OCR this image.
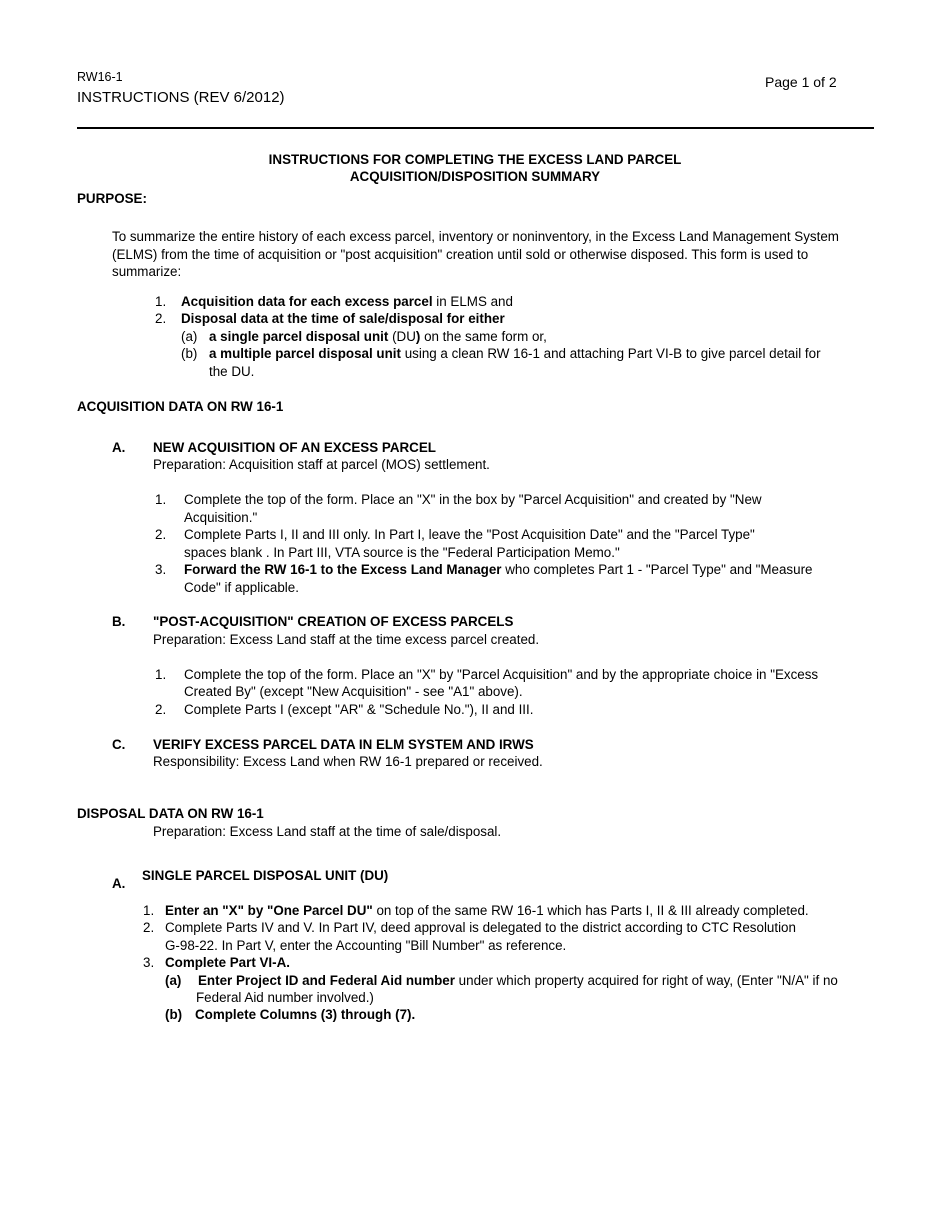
RW16-1
INSTRUCTIONS (REV 6/2012)
Page 1 of 2
INSTRUCTIONS FOR COMPLETING THE EXCESS LAND PARCEL
ACQUISITION/DISPOSITION SUMMARY
PURPOSE:
To summarize the entire history of each excess parcel, inventory or noninventory, in the Excess Land Management System
(ELMS) from the time of acquisition or "post acquisition" creation until sold or otherwise disposed. This form is used to
summarize:
1. Acquisition data for each excess parcel in ELMS and
2. Disposal data at the time of sale/disposal for either
(a) a single parcel disposal unit (DU) on the same form or,
(b) a multiple parcel disposal unit using a clean RW 16-1 and attaching Part VI-B to give parcel detail for
the DU.
ACQUISITION DATA ON RW 16-1
A. NEW ACQUISITION OF AN EXCESS PARCEL
Preparation: Acquisition staff at parcel (MOS) settlement.
1. Complete the top of the form. Place an "X" in the box by "Parcel Acquisition" and created by "New
Acquisition."
2. Complete Parts I, II and III only. In Part I, leave the "Post Acquisition Date" and the "Parcel Type"
spaces blank . In Part III, VTA source is the "Federal Participation Memo."
3. Forward the RW 16-1 to the Excess Land Manager who completes Part 1 - "Parcel Type" and "Measure
Code" if applicable.
B. "POST-ACQUISITION" CREATION OF EXCESS PARCELS
Preparation: Excess Land staff at the time excess parcel created.
1. Complete the top of the form. Place an "X" by "Parcel Acquisition" and by the appropriate choice in "Excess
Created By" (except "New Acquisition" - see "A1" above).
2. Complete Parts I (except "AR" & "Schedule No."), II and III.
C. VERIFY EXCESS PARCEL DATA IN ELM SYSTEM AND IRWS
Responsibility: Excess Land when RW 16-1 prepared or received.
DISPOSAL DATA ON RW 16-1
Preparation: Excess Land staff at the time of sale/disposal.
A.
SINGLE PARCEL DISPOSAL UNIT (DU)
1. Enter an "X" by "One Parcel DU" on top of the same RW 16-1 which has Parts I, II & III already completed.
2. Complete Parts IV and V. In Part IV, deed approval is delegated to the district according to CTC Resolution
G-98-22. In Part V, enter the Accounting "Bill Number" as reference.
3. Complete Part VI-A.
(a) Enter Project ID and Federal Aid number under which property acquired for right of way, (Enter "N/A" if no
Federal Aid number involved.)
(b) Complete Columns (3) through (7).
